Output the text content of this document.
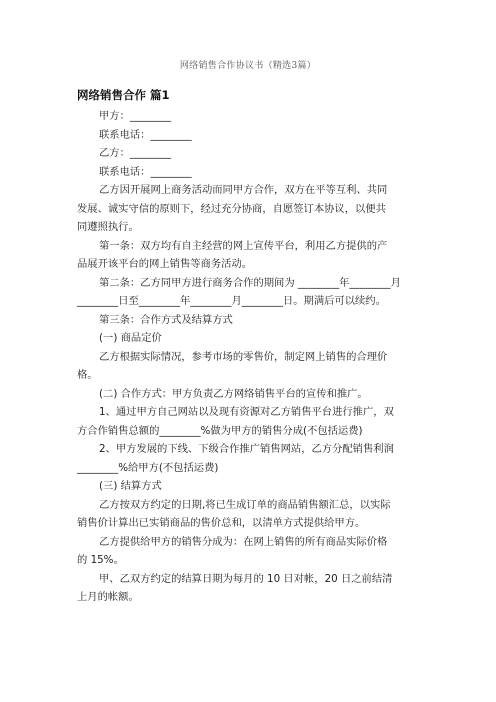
网络销售合作协议书（精选3篇）
网络销售合作 篇1
甲方：________
联系电话：________
乙方：________
联系电话：________
乙方因开展网上商务活动而同甲方合作，双方在平等互利、共同
发展、诚实守信的原则下，经过充分协商，自愿签订本协议，以便共
同遵照执行。
第一条：双方均有自主经营的网上宣传平台，利用乙方提供的产
品展开该平台的网上销售等商务活动。
第二条：乙方同甲方进行商务合作的期间为 ________年________月
________日至________年________月________日。期满后可以续约。
第三条：合作方式及结算方式
(一) 商品定价
乙方根据实际情况，参考市场的零售价，制定网上销售的合理价
格。
(二) 合作方式：甲方负责乙方网络销售平台的宣传和推广。
1、通过甲方自己网站以及现有资源对乙方销售平台进行推广，双
方合作销售总额的________%做为甲方的销售分成(不包括运费)
2、甲方发展的下线、下级合作推广销售网站，乙方分配销售利润
________%给甲方(不包括运费)
(三) 结算方式
乙方按双方约定的日期,将已生成订单的商品销售额汇总，以实际
销售价计算出已实销商品的售价总和，以清单方式提供给甲方。
乙方提供给甲方的销售分成为：在网上销售的所有商品实际价格
的 15%。
甲、乙双方约定的结算日期为每月的 10 日对帐，20 日之前结清
上月的帐额。
